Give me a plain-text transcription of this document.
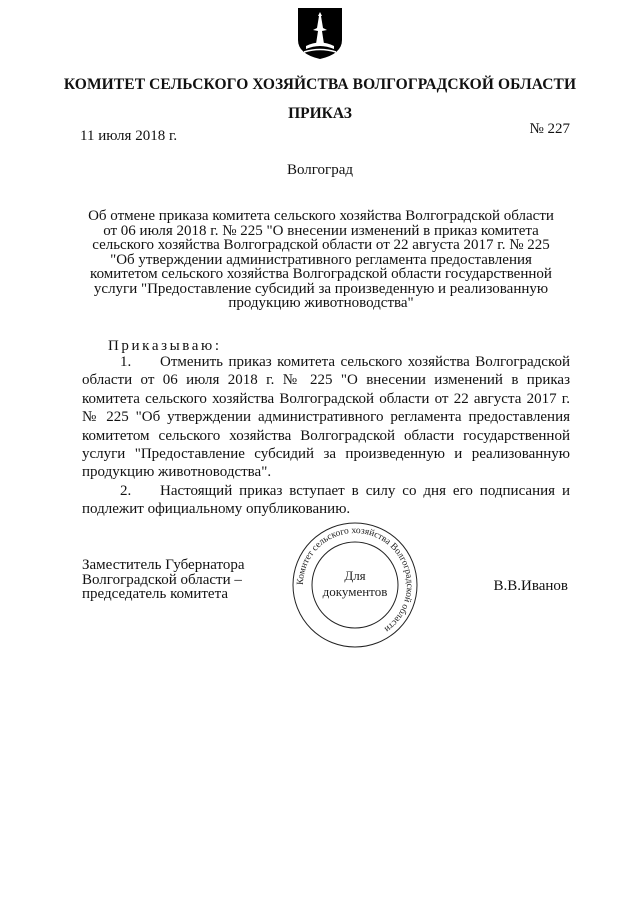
КОМИТЕТ СЕЛЬСКОГО ХОЗЯЙСТВА ВОЛГОГРАДСКОЙ ОБЛАСТИ
ПРИКАЗ
11 июля 2018 г.	№ 227
Волгоград
Об отмене приказа комитета сельского хозяйства Волгоградской области
от 06 июля 2018 г. № 225 "О внесении изменений в приказ комитета
сельского хозяйства Волгоградской области от 22 августа 2017 г. № 225
"Об утверждении административного регламента предоставления
комитетом сельского хозяйства Волгоградской области государственной
услуги "Предоставление субсидий за произведенную и реализованную
продукцию животноводства"
Приказываю:
1. Отменить приказ комитета сельского хозяйства Волгоградской
области от 06 июля 2018 г. № 225 "О внесении изменений в приказ
комитета сельского хозяйства Волгоградской области от 22 августа 2017 г.
№ 225 "Об утверждении административного регламента предоставления
комитетом сельского хозяйства Волгоградской области государственной
услуги "Предоставление субсидий за произведенную и реализованную
продукцию животноводства".
2. Настоящий приказ вступает в силу со дня его подписания и
подлежит официальному опубликованию.
Заместитель Губернатора
Волгоградской области –
председатель комитета
Комитет сельского хозяйства Волгоградской области
Для
документов	В.В.Иванов
